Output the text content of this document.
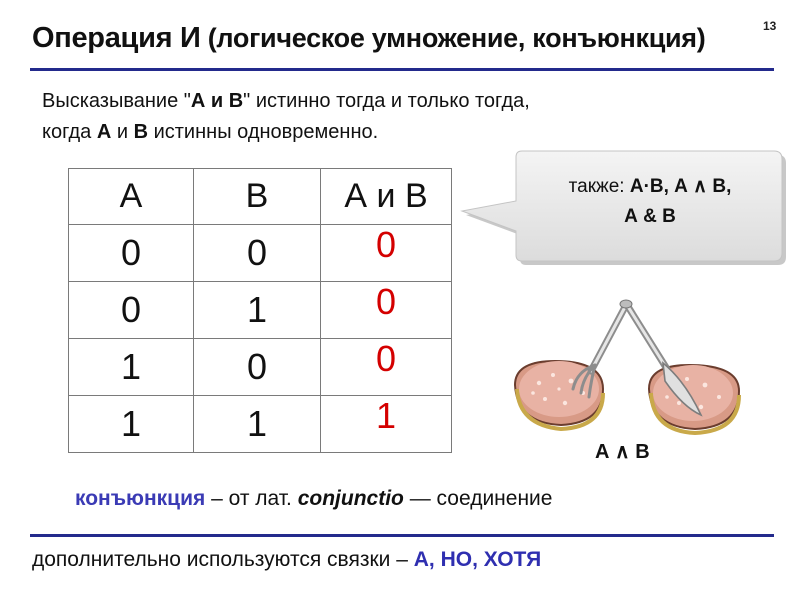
13
Операция И (логическое умножение, конъюнкция)
Высказывание "А и В" истинно тогда и только тогда,
когда А и В истинны одновременно.
А	В	А и В
0	0	0
0	1	0
1	0	0
1	1	1
также: А·В, А ∧ В,
А & B
А ∧ В
конъюнкция – от лат. conjunctio — соединение
дополнительно используются связки – А, НО, ХОТЯ
